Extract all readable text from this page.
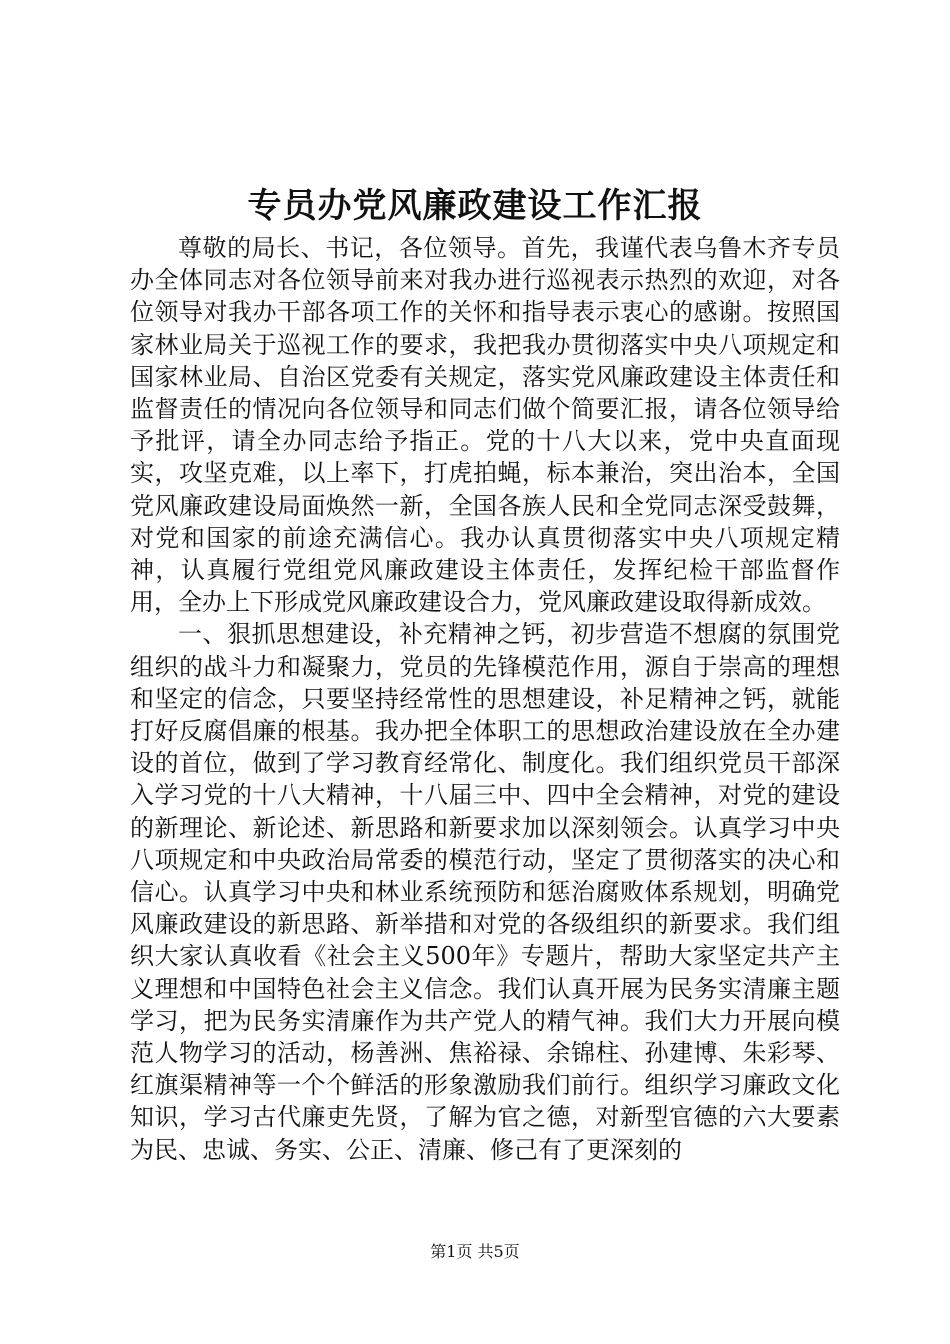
专员办党风廉政建设工作汇报

尊敬的局长、书记，各位领导。首先，我谨代表乌鲁木齐专员办全体同志对各位领导前来对我办进行巡视表示热烈的欢迎，对各位领导对我办干部各项工作的关怀和指导表示衷心的感谢。按照国家林业局关于巡视工作的要求，我把我办贯彻落实中央八项规定和国家林业局、自治区党委有关规定，落实党风廉政建设主体责任和监督责任的情况向各位领导和同志们做个简要汇报，请各位领导给予批评，请全办同志给予指正。党的十八大以来，党中央直面现实，攻坚克难，以上率下，打虎拍蝇，标本兼治，突出治本，全国党风廉政建设局面焕然一新，全国各族人民和全党同志深受鼓舞，对党和国家的前途充满信心。我办认真贯彻落实中央八项规定精神，认真履行党组党风廉政建设主体责任，发挥纪检干部监督作用，全办上下形成党风廉政建设合力，党风廉政建设取得新成效。

一、狠抓思想建设，补充精神之钙，初步营造不想腐的氛围党组织的战斗力和凝聚力，党员的先锋模范作用，源自于崇高的理想和坚定的信念，只要坚持经常性的思想建设，补足精神之钙，就能打好反腐倡廉的根基。我办把全体职工的思想政治建设放在全办建设的首位，做到了学习教育经常化、制度化。我们组织党员干部深入学习党的十八大精神，十八届三中、四中全会精神，对党的建设的新理论、新论述、新思路和新要求加以深刻领会。认真学习中央八项规定和中央政治局常委的模范行动，坚定了贯彻落实的决心和信心。认真学习中央和林业系统预防和惩治腐败体系规划，明确党风廉政建设的新思路、新举措和对党的各级组织的新要求。我们组织大家认真收看《社会主义500年》专题片，帮助大家坚定共产主义理想和中国特色社会主义信念。我们认真开展为民务实清廉主题学习，把为民务实清廉作为共产党人的精气神。我们大力开展向模范人物学习的活动，杨善洲、焦裕禄、余锦柱、孙建博、朱彩琴、红旗渠精神等一个个鲜活的形象激励我们前行。组织学习廉政文化知识，学习古代廉吏先贤，了解为官之德，对新型官德的六大要素为民、忠诚、务实、公正、清廉、修己有了更深刻的

第1页 共5页
